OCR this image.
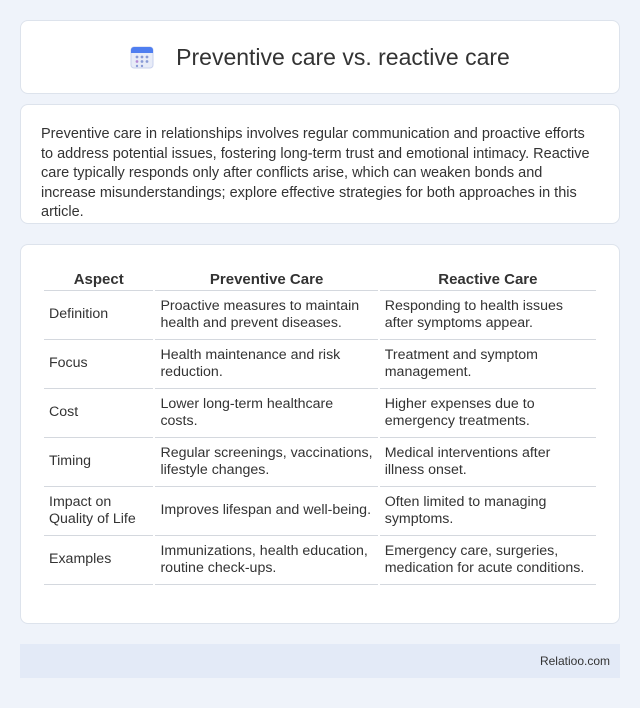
Preventive care vs. reactive care

Preventive care in relationships involves regular communication and proactive efforts to address potential issues, fostering long-term trust and emotional intimacy. Reactive care typically responds only after conflicts arise, which can weaken bonds and increase misunderstandings; explore effective strategies for both approaches in this article.

Aspect	Preventive Care	Reactive Care
Definition	Proactive measures to maintain health and prevent diseases.	Responding to health issues after symptoms appear.
Focus	Health maintenance and risk reduction.	Treatment and symptom management.
Cost	Lower long-term healthcare costs.	Higher expenses due to emergency treatments.
Timing	Regular screenings, vaccinations, lifestyle changes.	Medical interventions after illness onset.
Impact on Quality of Life	Improves lifespan and well-being.	Often limited to managing symptoms.
Examples	Immunizations, health education, routine check-ups.	Emergency care, surgeries, medication for acute conditions.
Relatioo.com
